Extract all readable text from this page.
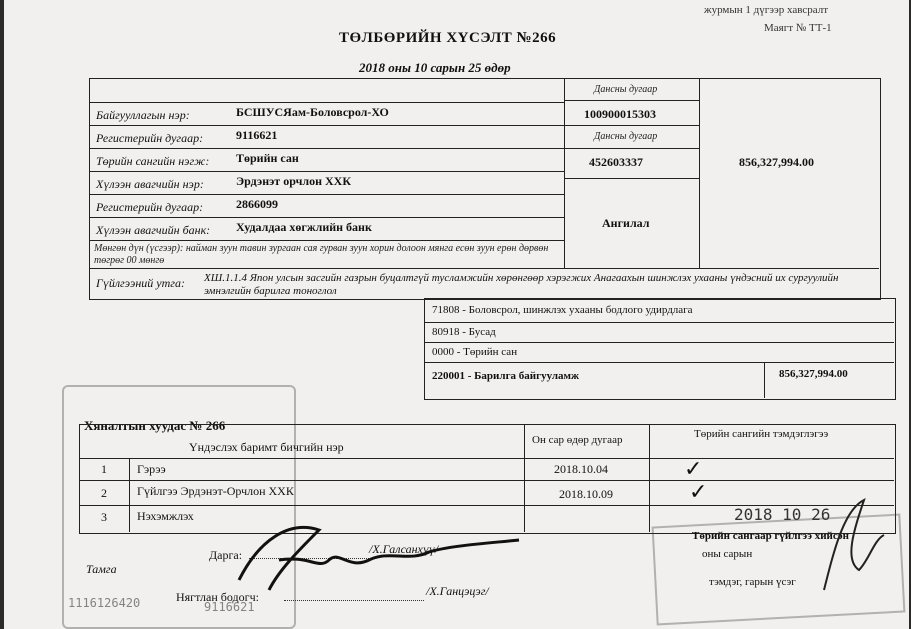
журмын 1 дүгээр хавсралт
Маягт № ТТ-1
ТӨЛБӨРИЙН ХҮСЭЛТ №266
2018 оны 10 сарын 25 өдөр
Байгууллагын нэр:	БСШУСЯам-Боловсрол-ХО
Регистерийн дугаар:	9116621
Төрийн сангийн нэгж: Төрийн сан
Хүлээн авагчийн нэр:	Эрдэнэт орчлон ХХК
Регистерийн дугаар:	2866099
Хүлээн авагчийн банк: Худалдаа хөгжлийн банк
Мөнгөн дүн (үсгээр): найман зуун тавин зургаан сая гурван зуун хорин долоон мянга есөн зуун ерөн дөрвөн төгрөг 00 мөнгө
Дансны дугаар
100900015303
Дансны дугаар
452603337
Ангилал
856,327,994.00
Гүйлгээний утга: ХШ.1.1.4 Япон улсын засгийн газрын буцалтгүй тусламжийн хөрөнгөөр хэрэгжих Анагаахын шинжлэх ухааны үндэсний их сургуулийн эмнэлгийн барилга тоноглол
71808 - Боловсрол, шинжлэх ухааны бодлого удирдлага
80918 - Бусад
0000 - Төрийн сан
220001 - Барилга байгууламж	856,327,994.00
1116126420	9116621
Хяналтын хуудас № 266
Үндэслэх баримт бичгийн нэр	Он сар өдөр дугаар	Төрийн сангийн тэмдэглэгээ
1	Гэрээ	2018.10.04	✓
2	Гүйлгээ Эрдэнэт-Орчлон ХХК	2018.10.09	✓
3	Нэхэмжлэх
Тамга
Дарга:	/Х.Галсанхүү/
Нягтлан бодогч:	/Х.Ганцэцэг/
2018 10 26
Төрийн сангаар гүйлгээ хийсэн
оны сарын
тэмдэг, гарын үсэг
